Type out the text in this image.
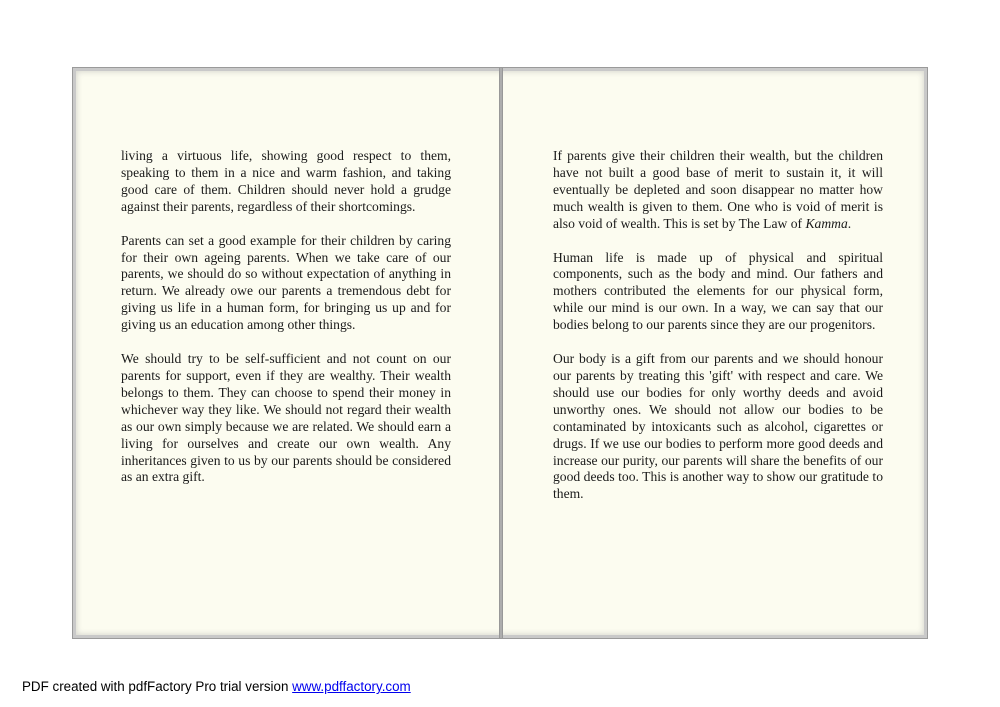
living a virtuous life, showing good respect to them, speaking to them in a nice and warm fashion, and taking good care of them. Children should never hold a grudge against their parents, regardless of their shortcomings.

Parents can set a good example for their children by caring for their own ageing parents. When we take care of our parents, we should do so without expectation of anything in return. We already owe our parents a tremendous debt for giving us life in a human form, for bringing us up and for giving us an education among other things.

We should try to be self-sufficient and not count on our parents for support, even if they are wealthy. Their wealth belongs to them. They can choose to spend their money in whichever way they like. We should not regard their wealth as our own simply because we are related. We should earn a living for ourselves and create our own wealth. Any inheritances given to us by our parents should be considered as an extra gift.

If parents give their children their wealth, but the children have not built a good base of merit to sustain it, it will eventually be depleted and soon disappear no matter how much wealth is given to them. One who is void of merit is also void of wealth. This is set by The Law of Kamma.

Human life is made up of physical and spiritual components, such as the body and mind. Our fathers and mothers contributed the elements for our physical form, while our mind is our own. In a way, we can say that our bodies belong to our parents since they are our progenitors.

Our body is a gift from our parents and we should honour our parents by treating this 'gift' with respect and care. We should use our bodies for only worthy deeds and avoid unworthy ones. We should not allow our bodies to be contaminated by intoxicants such as alcohol, cigarettes or drugs. If we use our bodies to perform more good deeds and increase our purity, our parents will share the benefits of our good deeds too. This is another way to show our gratitude to them.

PDF created with pdfFactory Pro trial version www.pdffactory.com
